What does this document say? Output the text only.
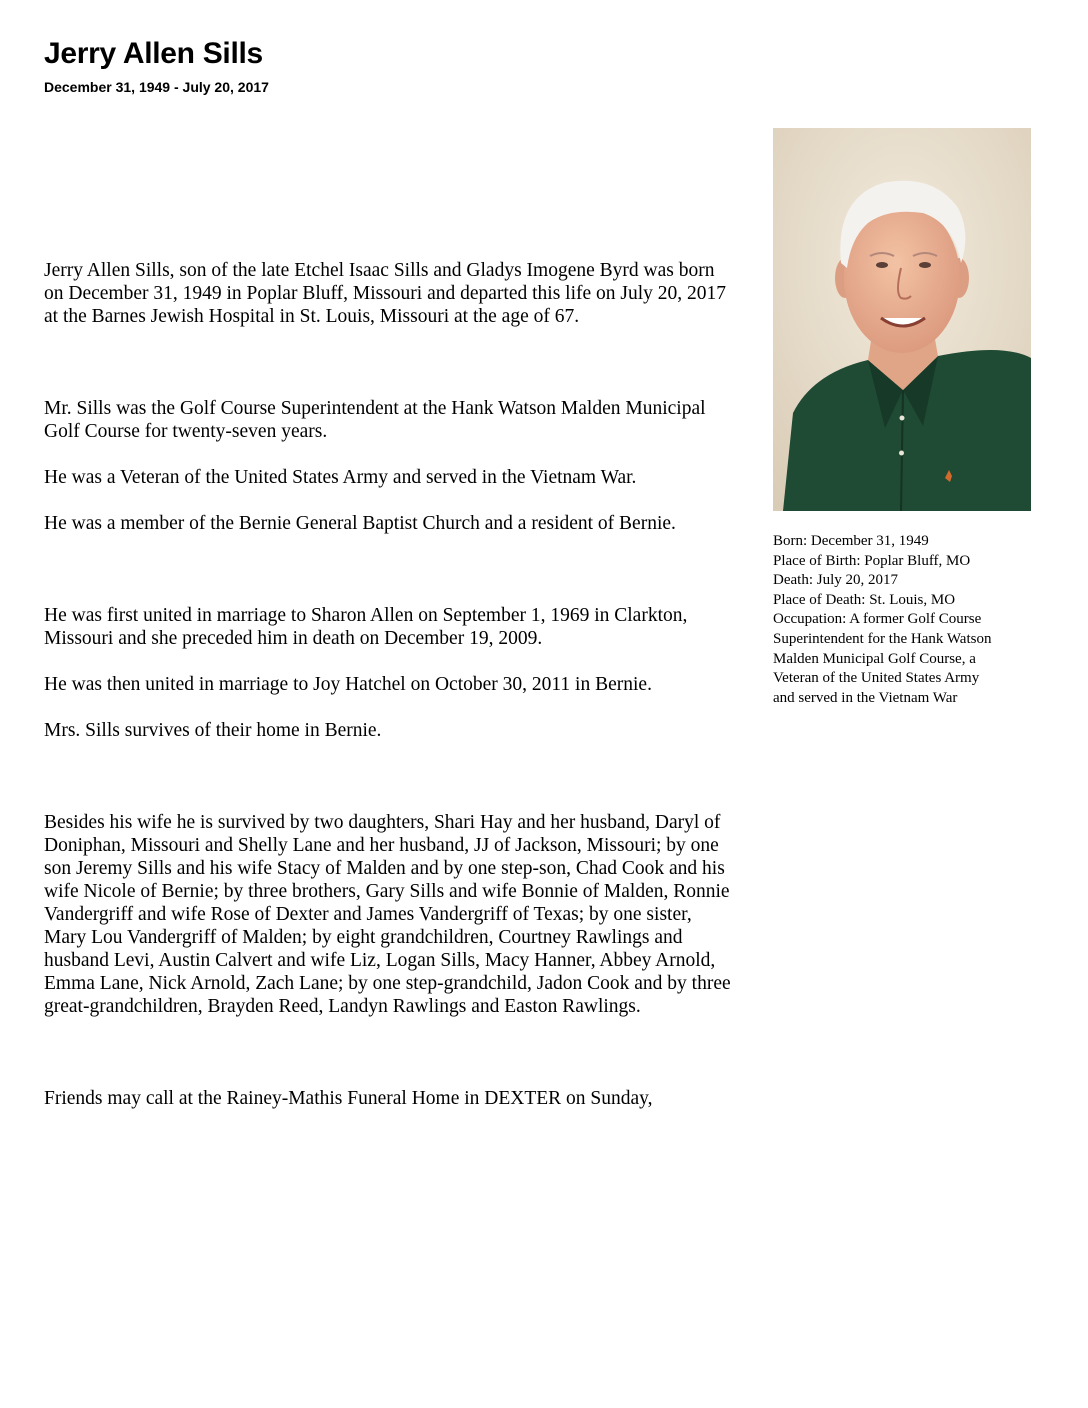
Jerry Allen Sills
December 31, 1949 - July 20, 2017

Jerry Allen Sills, son of the late Etchel Isaac Sills and Gladys Imogene Byrd was born on December 31, 1949 in Poplar Bluff, Missouri and departed this life on July 20, 2017 at the Barnes Jewish Hospital in St. Louis, Missouri at the age of 67.

Mr. Sills was the Golf Course Superintendent at the Hank Watson Malden Municipal Golf Course for twenty-seven years.

He was a Veteran of the United States Army and served in the Vietnam War.

He was a member of the Bernie General Baptist Church and a resident of Bernie.

He was first united in marriage to Sharon Allen on September 1, 1969 in Clarkton, Missouri and she preceded him in death on December 19, 2009.

He was then united in marriage to Joy Hatchel on October 30, 2011 in Bernie.

Mrs. Sills survives of their home in Bernie.

Besides his wife he is survived by two daughters, Shari Hay and her husband, Daryl of Doniphan, Missouri and Shelly Lane and her husband, JJ of Jackson, Missouri; by one son Jeremy Sills and his wife Stacy of Malden and by one step-son, Chad Cook and his wife Nicole of Bernie; by three brothers, Gary Sills and wife Bonnie of Malden, Ronnie Vandergriff and wife Rose of Dexter and James Vandergriff of Texas; by one sister, Mary Lou Vandergriff of Malden; by eight grandchildren, Courtney Rawlings and husband Levi, Austin Calvert and wife Liz, Logan Sills, Macy Hanner, Abbey Arnold, Emma Lane, Nick Arnold, Zach Lane; by one step-grandchild, Jadon Cook and by three great-grandchildren, Brayden Reed, Landyn Rawlings and Easton Rawlings.

Friends may call at the Rainey-Mathis Funeral Home in DEXTER on Sunday,

Born: December 31, 1949
Place of Birth: Poplar Bluff, MO
Death: July 20, 2017
Place of Death: St. Louis, MO
Occupation: A former Golf Course
Superintendent for the Hank Watson
Malden Municipal Golf Course, a
Veteran of the United States Army
and served in the Vietnam War
